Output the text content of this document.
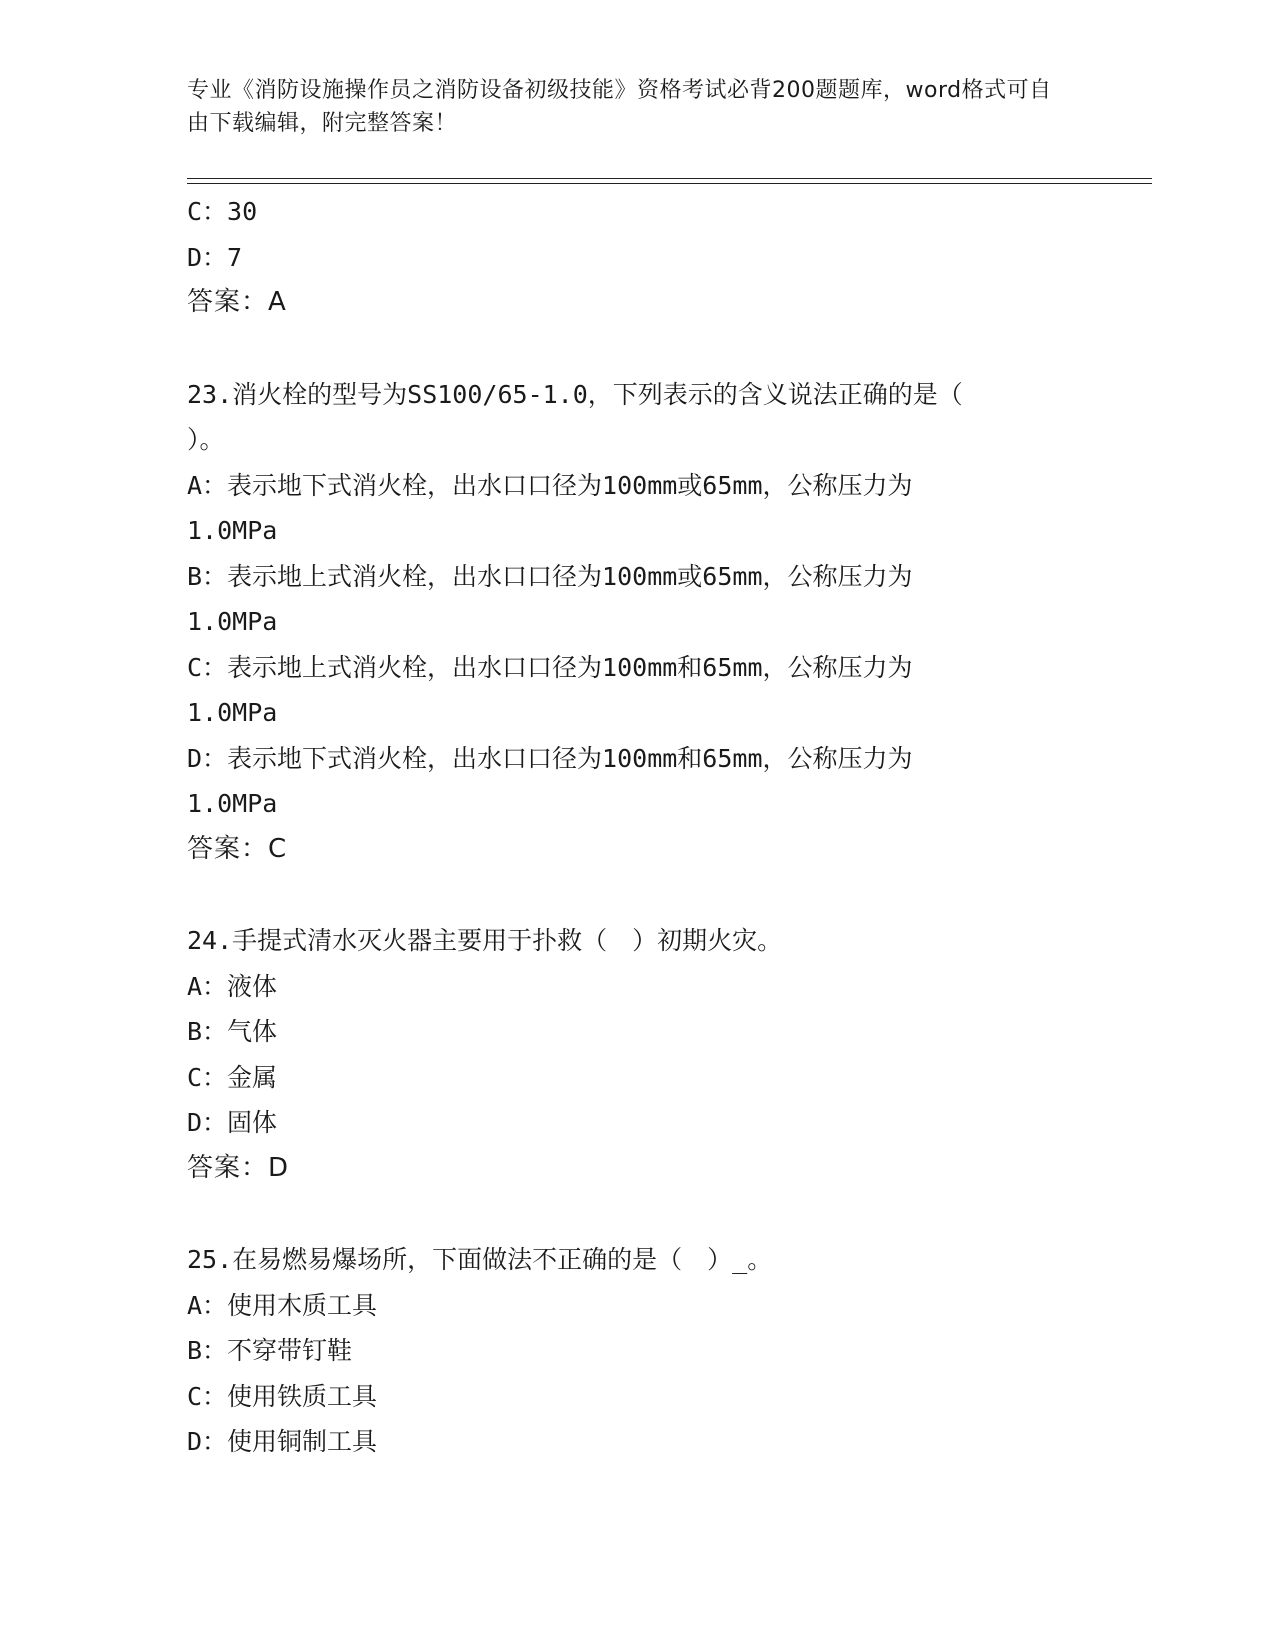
专业《消防设施操作员之消防设备初级技能》资格考试必背200题题库，word格式可自由下载编辑，附完整答案！
C：30
D：7
答案：A
23.消火栓的型号为SS100/65-1.0，下列表示的含义说法正确的是（
）。
A：表示地下式消火栓，出水口口径为100mm或65mm，公称压力为
1.0MPa
B：表示地上式消火栓，出水口口径为100mm或65mm，公称压力为
1.0MPa
C：表示地上式消火栓，出水口口径为100mm和65mm，公称压力为
1.0MPa
D：表示地下式消火栓，出水口口径为100mm和65mm，公称压力为
1.0MPa
答案：C
24.手提式清水灭火器主要用于扑救（　）初期火灾。
A：液体
B：气体
C：金属
D：固体
答案：D
25.在易燃易爆场所，下面做法不正确的是（　）_。
A：使用木质工具
B：不穿带钉鞋
C：使用铁质工具
D：使用铜制工具
